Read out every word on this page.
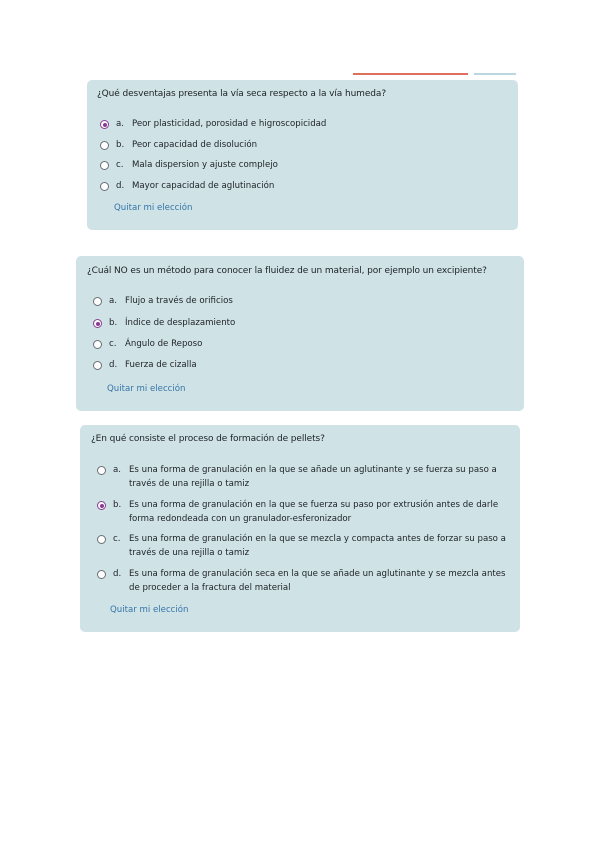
¿Qué desventajas presenta la vía seca respecto a la vía humeda?
a. Peor plasticidad, porosidad e higroscopicidad
b. Peor capacidad de disolución
c. Mala dispersion y ajuste complejo
d. Mayor capacidad de aglutinación
Quitar mi elección
¿Cuál NO es un método para conocer la fluidez de un material, por ejemplo un excipiente?
a. Flujo a través de orificios
b. Índice de desplazamiento
c. Ángulo de Reposo
d. Fuerza de cizalla
Quitar mi elección
¿En qué consiste el proceso de formación de pellets?
a. Es una forma de granulación en la que se añade un aglutinante y se fuerza su paso a través de una rejilla o tamiz
b. Es una forma de granulación en la que se fuerza su paso por extrusión antes de darle forma redondeada con un granulador-esferonizador
c. Es una forma de granulación en la que se mezcla y compacta antes de forzar su paso a través de una rejilla o tamiz
d. Es una forma de granulación seca en la que se añade un aglutinante y se mezcla antes de proceder a la fractura del material
Quitar mi elección
